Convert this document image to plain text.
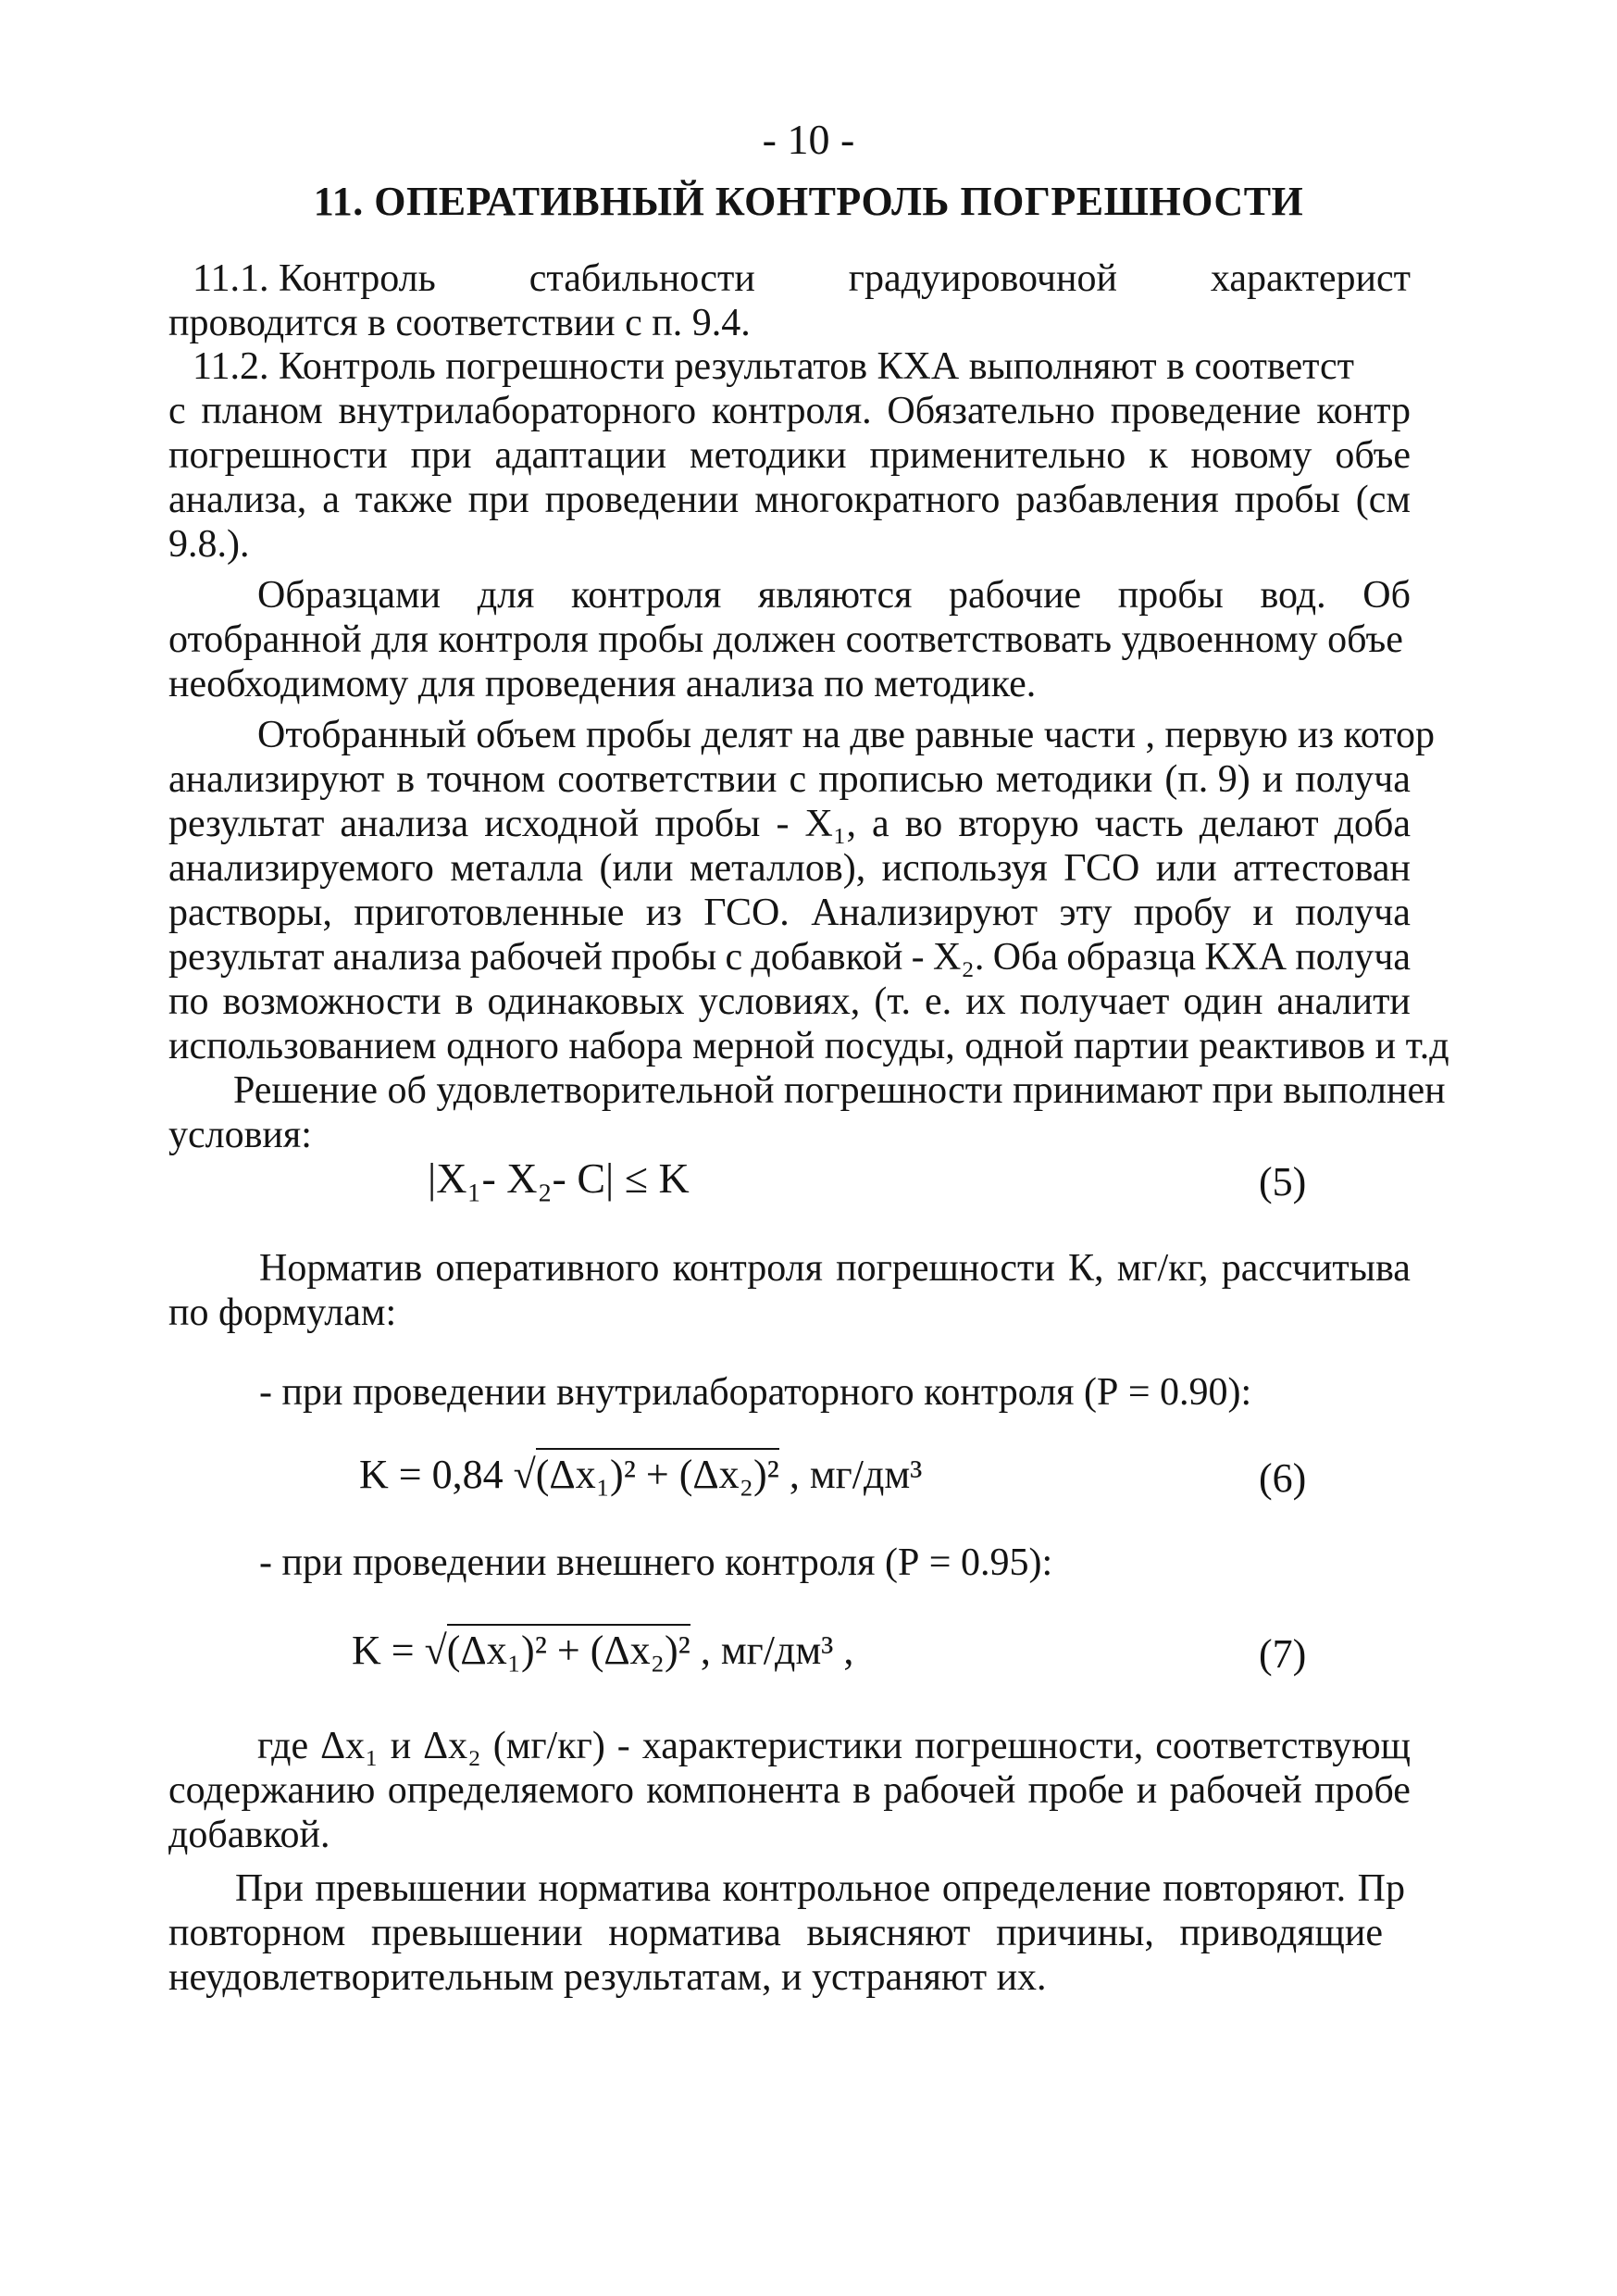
- 10 -
11. ОПЕРАТИВНЫЙ КОНТРОЛЬ ПОГРЕШНОСТИ
11.1. Контроль стабильности градуировочной характерист
проводится в соответствии с п. 9.4.
11.2. Контроль погрешности результатов КХА выполняют в соответст
с планом внутрилабораторного контроля. Обязательно проведение контр
погрешности при адаптации методики применительно к новому объе
анализа, а также при проведении многократного разбавления пробы (см
9.8.).
Образцами для контроля являются рабочие пробы вод. Об
отобранной для контроля пробы должен соответствовать удвоенному объе
необходимому для проведения анализа по методике.
Отобранный объем пробы делят на две равные части , первую из котор
анализируют в точном соответствии с прописью методики (п. 9) и получа
результат анализа исходной пробы - X₁, а во вторую часть делают доба
анализируемого металла (или металлов), используя ГСО или аттестован
растворы, приготовленные из ГСО. Анализируют эту пробу и получа
результат анализа рабочей пробы с добавкой - X₂. Оба образца КХА получа
по возможности в одинаковых условиях, (т. е. их получает один аналити
использованием одного набора мерной посуды, одной партии реактивов и т.д
Решение об удовлетворительной погрешности принимают при выполнен
условия:
|X₁- X₂- C| ≤ K	(5)
Норматив оперативного контроля погрешности К , мг/кг, рассчитыва
по формулам:
- при проведении внутрилабораторного контроля (Р = 0.90):
K = 0,84 √(Δx₁)² + (Δx₂)² , мг/дм³	(6)
- при проведении внешнего контроля (Р = 0.95):
K = √(Δx₁)² + (Δx₂)² , мг/дм³ ,	(7)
где Δx₁ и Δx₂ (мг/кг) - характеристики погрешности, соответствующ
содержанию определяемого компонента в рабочей пробе и рабочей пробе
добавкой.
При превышении норматива контрольное определение повторяют. Пр
повторном превышении норматива выясняют причины, приводящие
неудовлетворительным результатам, и устраняют их.
